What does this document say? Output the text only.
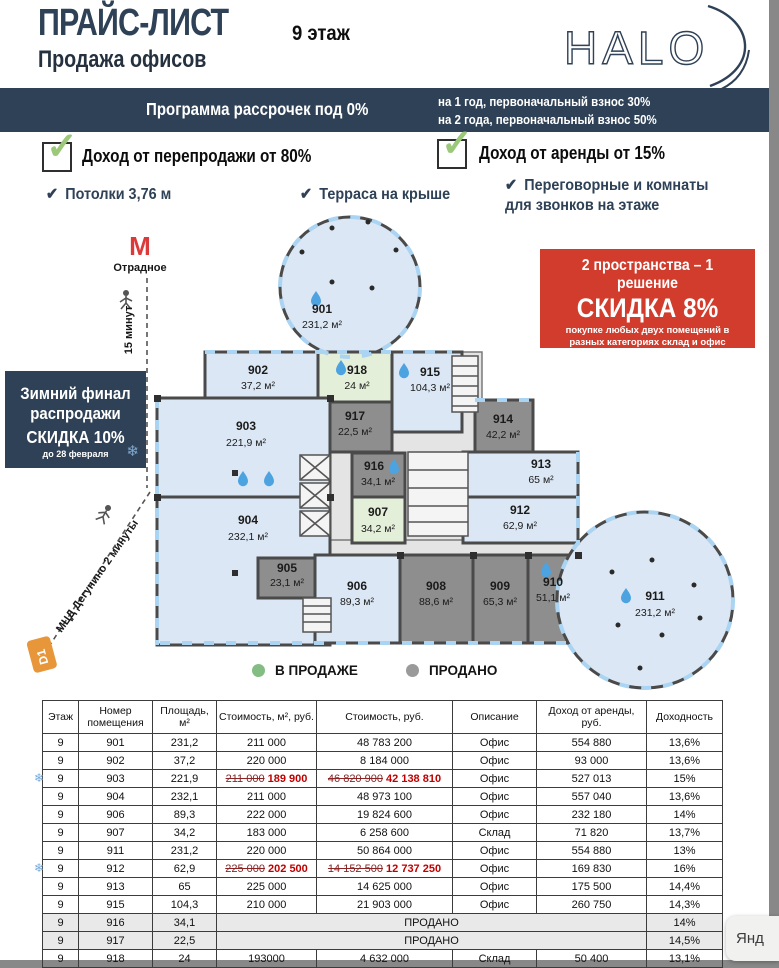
ПРАЙС-ЛИСТ
Продажа офисов
9 этаж	HALO
Программа рассрочек под 0%	на 1 год, первоначальный взнос 30%
на 2 года, первоначальный взнос 50%
✓ Доход от перепродажи от 80%	✓ Доход от аренды от 15%
✔ Потолки 3,76 м	✔ Терраса на крыше
✔ Переговорные и комнаты для звонков на этаже
901
231,2 м²
902
37,2 м²
903
221,9 м²
904
232,1 м²
905
23,1 м²	906
89,3 м²
907
34,2 м²
908
88,6 м²
909
65,3 м²
910
51,1 м²	911
231,2 м²
912
62,9 м²
913
65 м²
914
42,2 м²
915
104,3 м²
916
34,1 м²
917
22,5 м²
918
24 м²
М
Отрадное
15 минут
МЦД Дегунино 2 минуты
D1
2 пространства – 1 решение
СКИДКА 8%
покупке любых двух помещений в разных категориях склад и офис
до 31 марта
Зимний финал
распродажи
СКИДКА 10%
до 28 февраля	❄
В ПРОДАЖЕ	ПРОДАНО
Этаж	Номер помещения	Площадь, м²	Стоимость, м², руб.	Стоимость, руб.	Описание	Доход от аренды, руб.	Доходность
9	901	231,2	211 000	48 783 200	Офис	554 880	13,6%
9	902	37,2	220 000	8 184 000	Офис	93 000	13,6%

❄ 9	903	221,9	211 000 189 900	46 820 900 42 138 810	Офис	527 013	15%
9	904	232,1	211 000	48 973 100	Офис	557 040	13,6%
9	906	89,3	222 000	19 824 600	Офис	232 180	14%
9	907	34,2	183 000	6 258 600	Склад	71 820	13,7%
9	911	231,2	220 000	50 864 000	Офис	554 880	13%

❄ 9	912	62,9	225 000 202 500	14 152 500 12 737 250	Офис	169 830	16%
9	913	65	225 000	14 625 000	Офис	175 500	14,4%
9	915	104,3	210 000	21 903 000	Офис	260 750	14,3%
9	916	34,1	ПРОДАНО				14%
9	917	22,5	ПРОДАНО				14,5%
9	918	24	193000	4 632 000	Склад	50 400	13,1%
Янд
